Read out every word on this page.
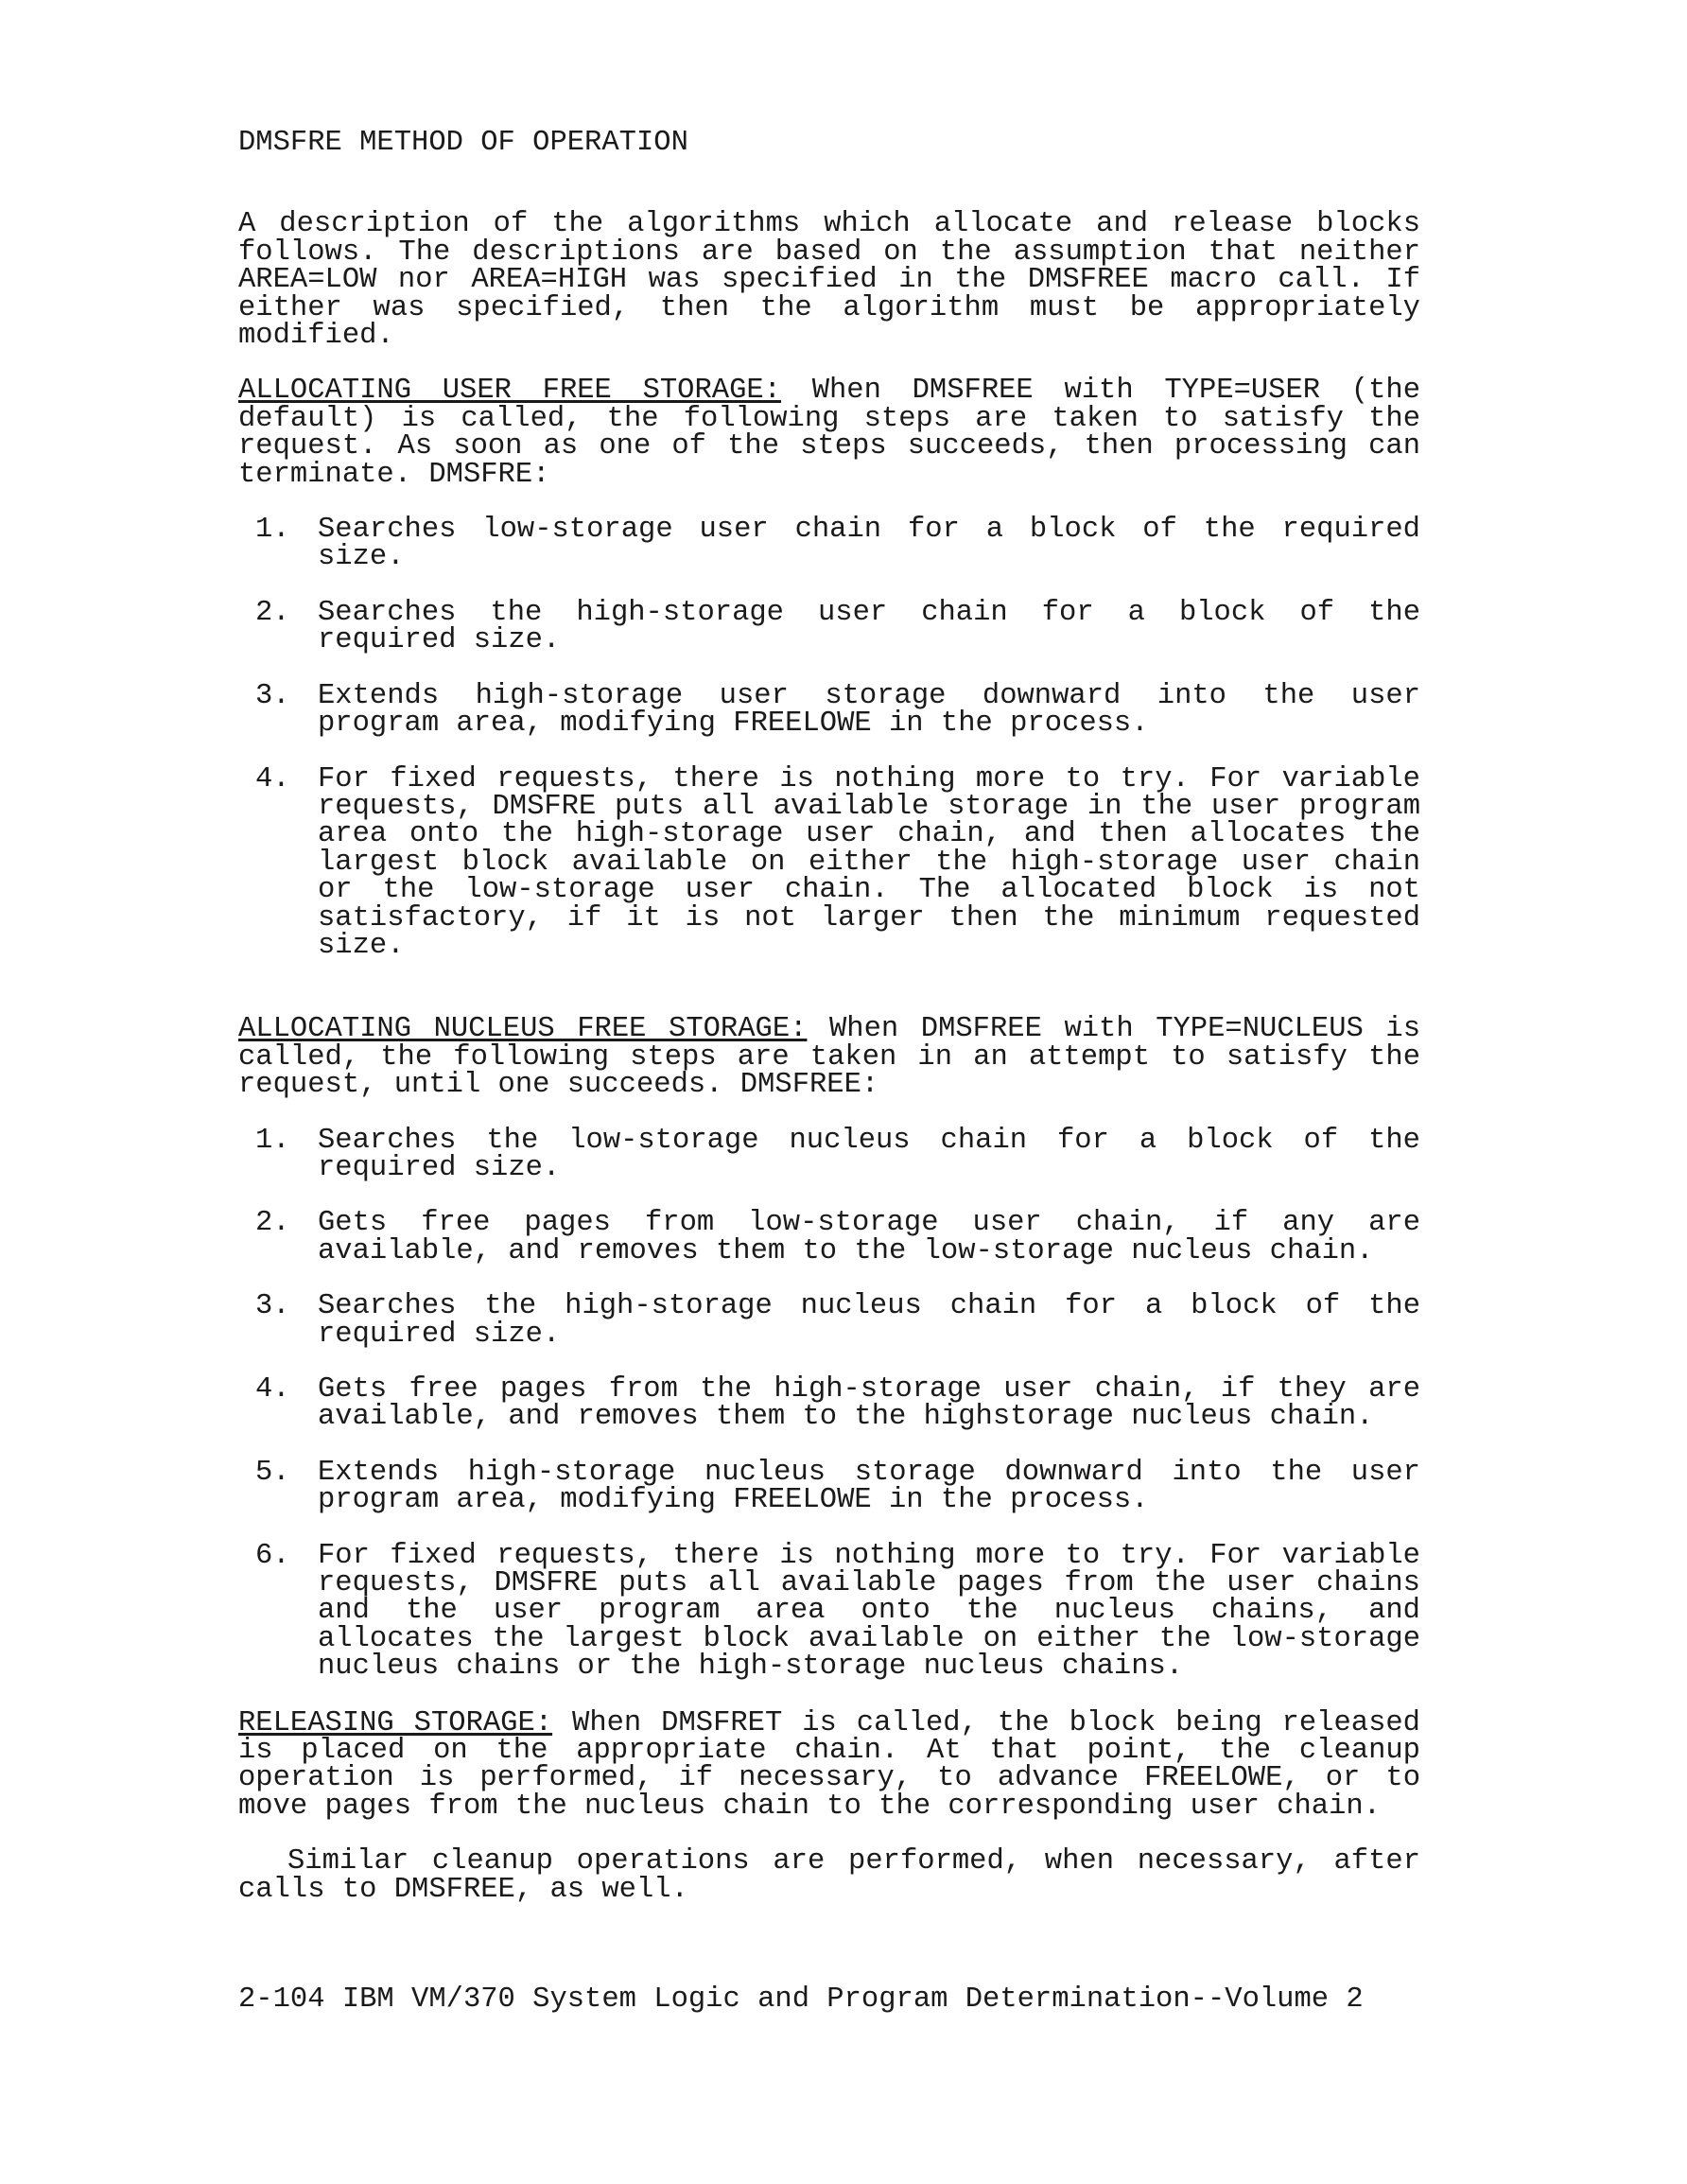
DMSFRE METHOD OF OPERATION

A description of the algorithms which allocate and release blocks follows. The descriptions are based on the assumption that neither AREA=LOW nor AREA=HIGH was specified in the DMSFREE macro call. If either was specified, then the algorithm must be appropriately modified.

ALLOCATING USER FREE STORAGE: When DMSFREE with TYPE=USER (the default) is called, the following steps are taken to satisfy the request. As soon as one of the steps succeeds, then processing can terminate. DMSFRE:

1. Searches low-storage user chain for a block of the required size.
2. Searches the high-storage user chain for a block of the required size.
3. Extends high-storage user storage downward into the user program area, modifying FREELOWE in the process.
4. For fixed requests, there is nothing more to try. For variable requests, DMSFRE puts all available storage in the user program area onto the high-storage user chain, and then allocates the largest block available on either the high-storage user chain or the low-storage user chain. The allocated block is not satisfactory, if it is not larger then the minimum requested size.

ALLOCATING NUCLEUS FREE STORAGE: When DMSFREE with TYPE=NUCLEUS is called, the following steps are taken in an attempt to satisfy the request, until one succeeds. DMSFREE:

1. Searches the low-storage nucleus chain for a block of the required size.
2. Gets free pages from low-storage user chain, if any are available, and removes them to the low-storage nucleus chain.
3. Searches the high-storage nucleus chain for a block of the required size.
4. Gets free pages from the high-storage user chain, if they are available, and removes them to the highstorage nucleus chain.
5. Extends high-storage nucleus storage downward into the user program area, modifying FREELOWE in the process.
6. For fixed requests, there is nothing more to try. For variable requests, DMSFRE puts all available pages from the user chains and the user program area onto the nucleus chains, and allocates the largest block available on either the low-storage nucleus chains or the high-storage nucleus chains.

RELEASING STORAGE: When DMSFRET is called, the block being released is placed on the appropriate chain. At that point, the cleanup operation is performed, if necessary, to advance FREELOWE, or to move pages from the nucleus chain to the corresponding user chain.

Similar cleanup operations are performed, when necessary, after calls to DMSFREE, as well.

2-104 IBM VM/370 System Logic and Program Determination--Volume 2
